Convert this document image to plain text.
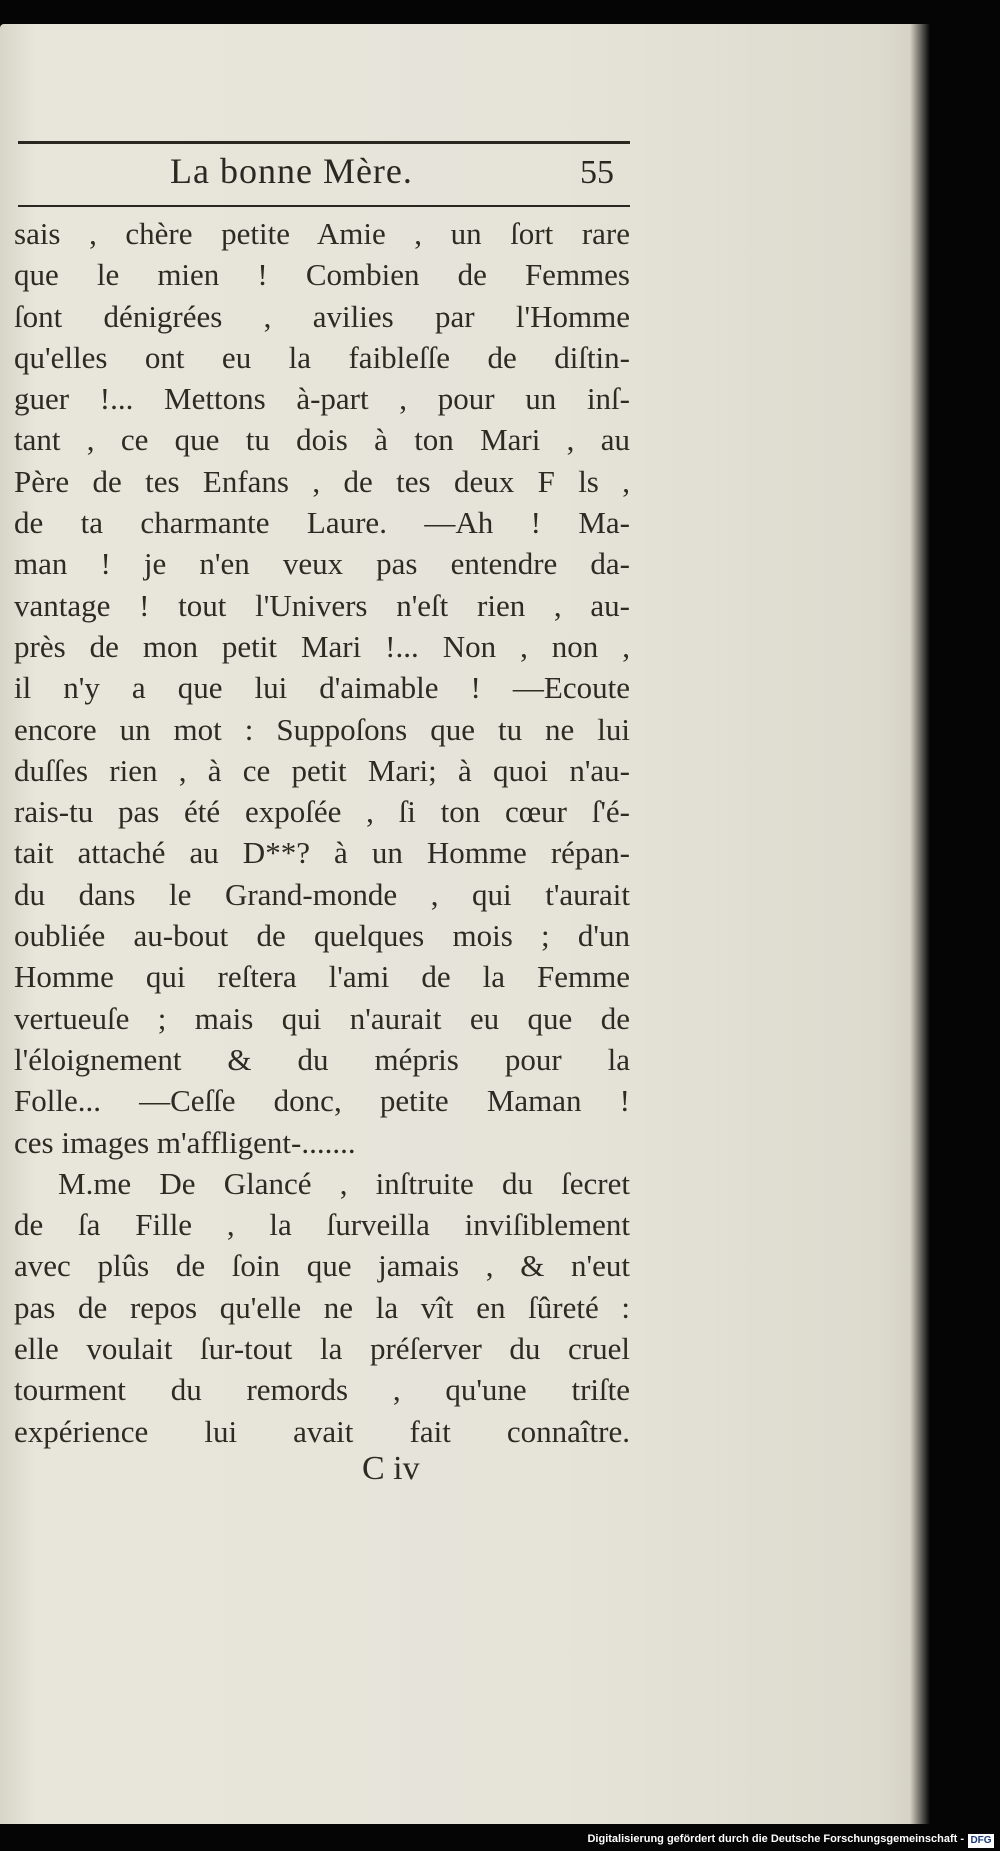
La bonne Mère.	55
sais , chère petite Amie , un ſort rare
que le mien ! Combien de Femmes
ſont dénigrées , avilies par l'Homme
qu'elles ont eu la faibleſſe de diſtin-
guer !... Mettons à-part , pour un inſ-
tant , ce que tu dois à ton Mari , au
Père de tes Enfans , de tes deux F ls ,
de ta charmante Laure. —Ah ! Ma-
man ! je n'en veux pas entendre da-
vantage ! tout l'Univers n'eſt rien , au-
près de mon petit Mari !... Non , non ,
il n'y a que lui d'aimable ! —Ecoute
encore un mot : Suppoſons que tu ne lui
duſſes rien , à ce petit Mari; à quoi n'au-
rais-tu pas été expoſée , ſi ton cœur ſ'é-
tait attaché au D**? à un Homme répan-
du dans le Grand-monde , qui t'aurait
oubliée au-bout de quelques mois ; d'un
Homme qui reſtera l'ami de la Femme
vertueuſe ; mais qui n'aurait eu que de
l'éloignement & du mépris pour la
Folle... —Ceſſe donc, petite Maman !
ces images m'affligent-.......
M.me De Glancé , inſtruite du ſecret
de ſa Fille , la ſurveilla inviſiblement
avec plûs de ſoin que jamais , & n'eut
pas de repos qu'elle ne la vît en ſûreté :
elle voulait ſur-tout la préſerver du cruel
tourment du remords , qu'une triſte
expérience lui avait fait connaître.
C iv
Digitalisierung gefördert durch die Deutsche Forschungsgemeinschaft - DFG
